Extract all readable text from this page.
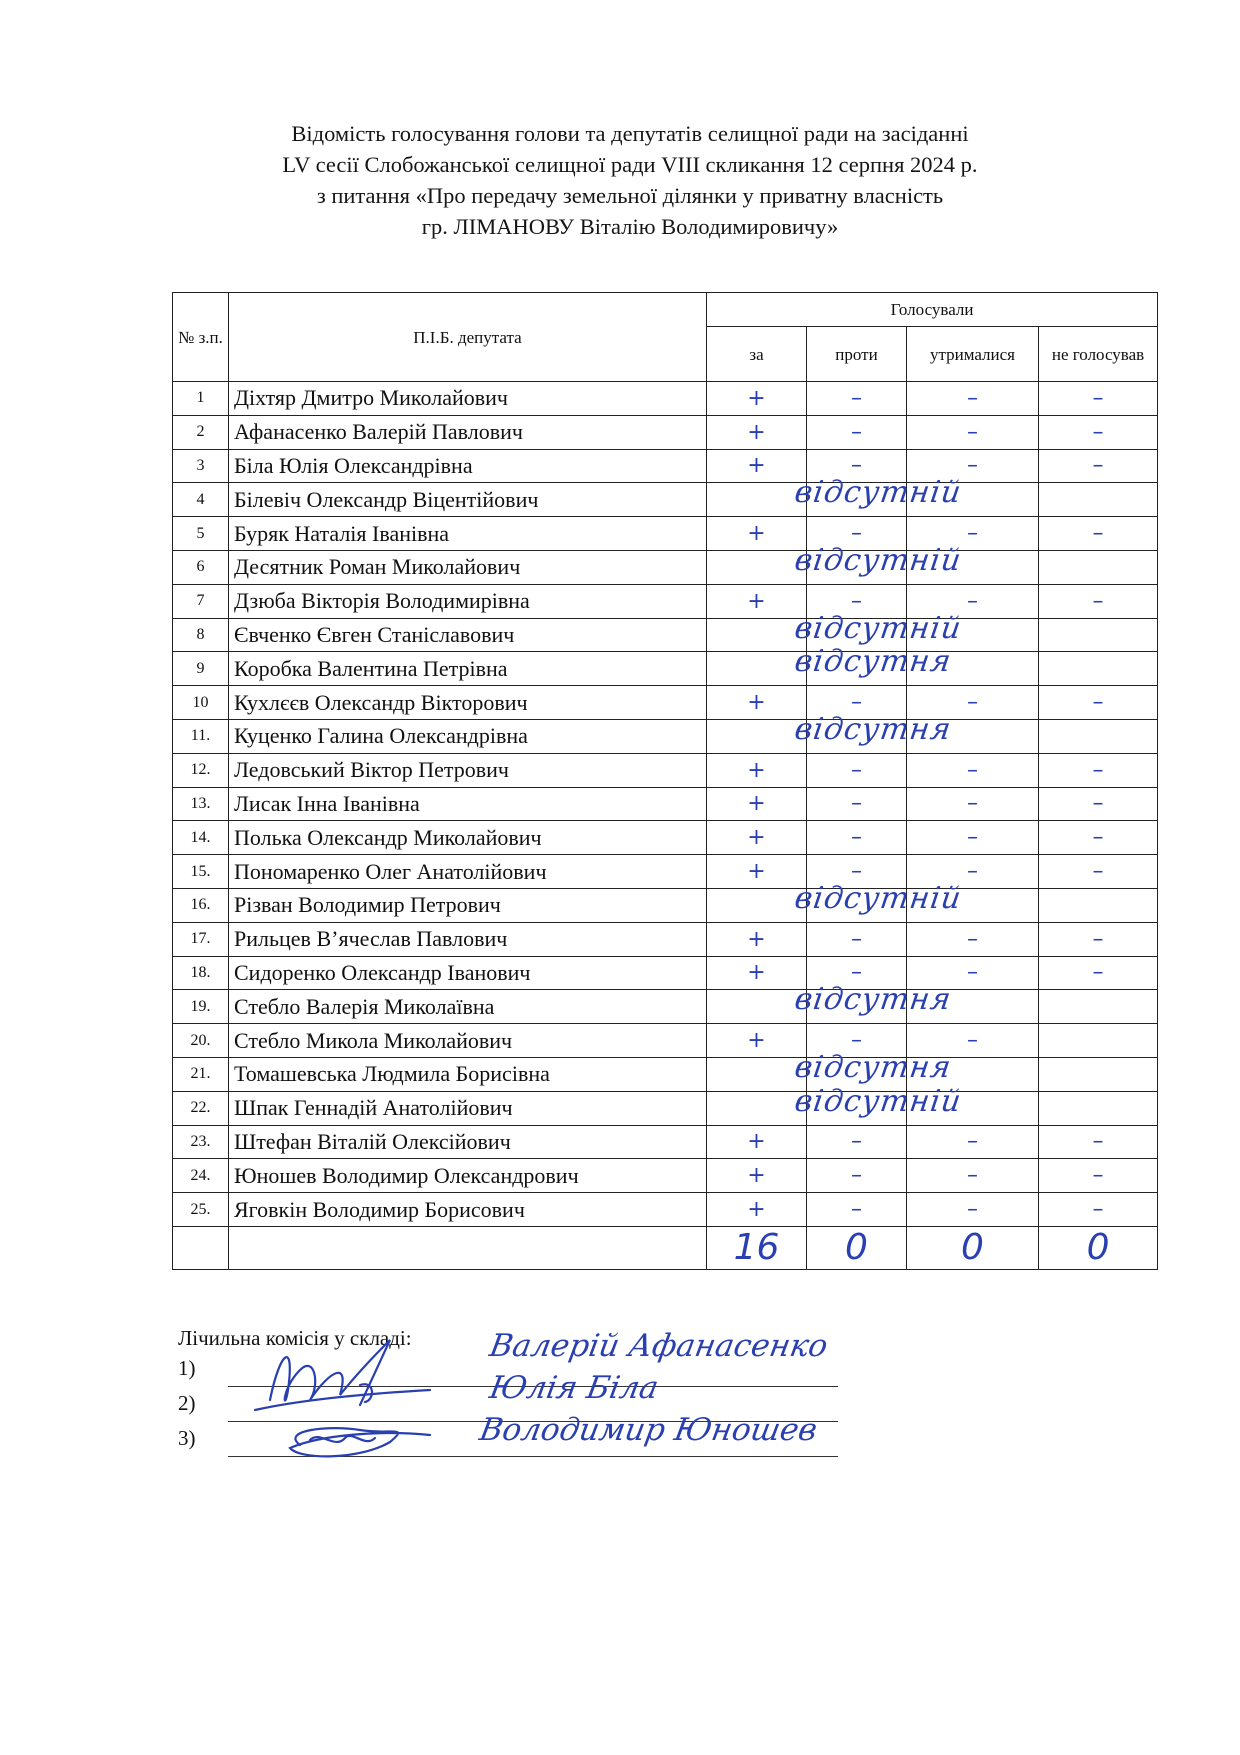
Відомість голосування голови та депутатів селищної ради на засіданні
LV сесії Слобожанської селищної ради VIII скликання 12 серпня 2024 р.
з питання «Про передачу земельної ділянки у приватну власність
гр. ЛІМАНОВУ Віталію Володимировичу»
№ з.п.	П.І.Б. депутата	Голосували			
		за	проти	утрималися	не голосував
1	Діхтяр Дмитро Миколайович	+	–	–	–
2	Афанасенко Валерій Павлович	+	–	–	–
3	Біла Юлія Олександрівна	+	–	–	–
4	Білевіч Олександр Віцентійович		відсутній		

5	Буряк Наталія Іванівна	+	–	–	–
6	Десятник Роман Миколайович		відсутній		

7	Дзюба Вікторія Володимирівна	+	–	–	–
8	Євченко Євген Станіславович		відсутній		

9	Коробка Валентина Петрівна		відсутня		

10	Кухлєєв Олександр Вікторович	+	–	–	–
11.	Куценко Галина Олександрівна		відсутня		

12.	Ледовський Віктор Петрович	+	–	–	–
13.	Лисак Інна Іванівна	+	–	–	–
14.	Полька Олександр Миколайович	+	–	–	–
15.	Пономаренко Олег Анатолійович	+	–	–	–
16.	Різван Володимир Петрович		відсутній		

17.	Рильцев В’ячеслав Павлович	+	–	–	–
18.	Сидоренко Олександр Іванович	+	–	–	–
19.	Стебло Валерія Миколаївна		відсутня		

20.	Стебло Микола Миколайович	+	–	–	
21.	Томашевська Людмила Борисівна		відсутня		

22.	Шпак Геннадій Анатолійович		відсутній		

23.	Штефан Віталій Олексійович	+	–	–	–
24.	Юношев Володимир Олександрович	+	–	–	–
25.	Яговкін Володимир Борисович	+	–	–	–
		16	0	0	0
Лічильна комісія у складі:
1)
2)
3)
Валерій Афанасенко
Юлія Біла
Володимир Юношев
